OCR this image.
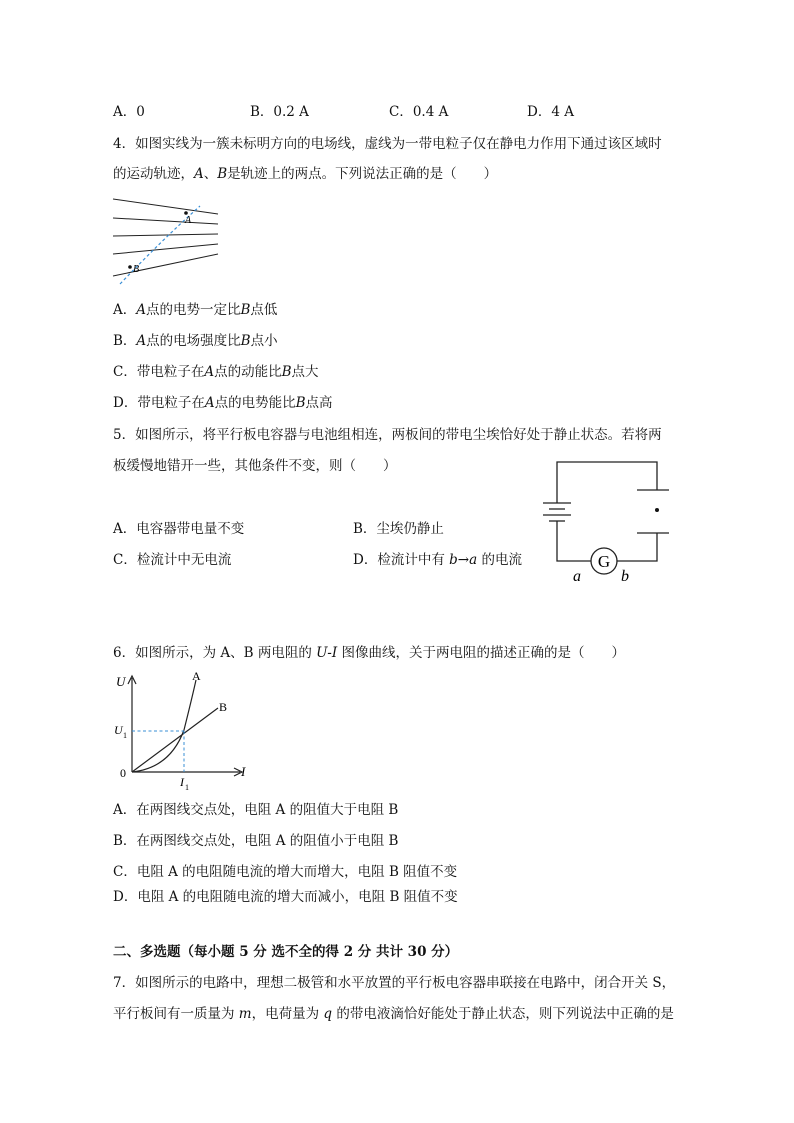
A．0	B．0.2 A	C．0.4 A	D．4 A
4．如图实线为一簇未标明方向的电场线，虚线为一带电粒子仅在静电力作用下通过该区域时
的运动轨迹，A、B是轨迹上的两点。下列说法正确的是（　　）
A
B
A．A点的电势一定比B点低
B．A点的电场强度比B点小
C．带电粒子在A点的动能比B点大
D．带电粒子在A点的电势能比B点高
5．如图所示，将平行板电容器与电池组相连，两板间的带电尘埃恰好处于静止状态。若将两
板缓慢地错开一些，其他条件不变，则（　　）
A．电容器带电量不变	B．尘埃仍静止
C．检流计中无电流	D．检流计中有 b→a 的电流	G
a	b
6．如图所示，为 A、B 两电阻的 U-I 图像曲线，关于两电阻的描述正确的是（　　）
U	A
B
U 1
0
I 1
I
A．在两图线交点处，电阻 A 的阻值大于电阻 B
B．在两图线交点处，电阻 A 的阻值小于电阻 B
C．电阻 A 的电阻随电流的增大而增大，电阻 B 阻值不变
D．电阻 A 的电阻随电流的增大而减小，电阻 B 阻值不变
二、多选题（每小题 5 分 选不全的得 2 分 共计 30 分）
7．如图所示的电路中，理想二极管和水平放置的平行板电容器串联接在电路中，闭合开关 S，
平行板间有一质量为 m，电荷量为 q 的带电液滴恰好能处于静止状态，则下列说法中正确的是
